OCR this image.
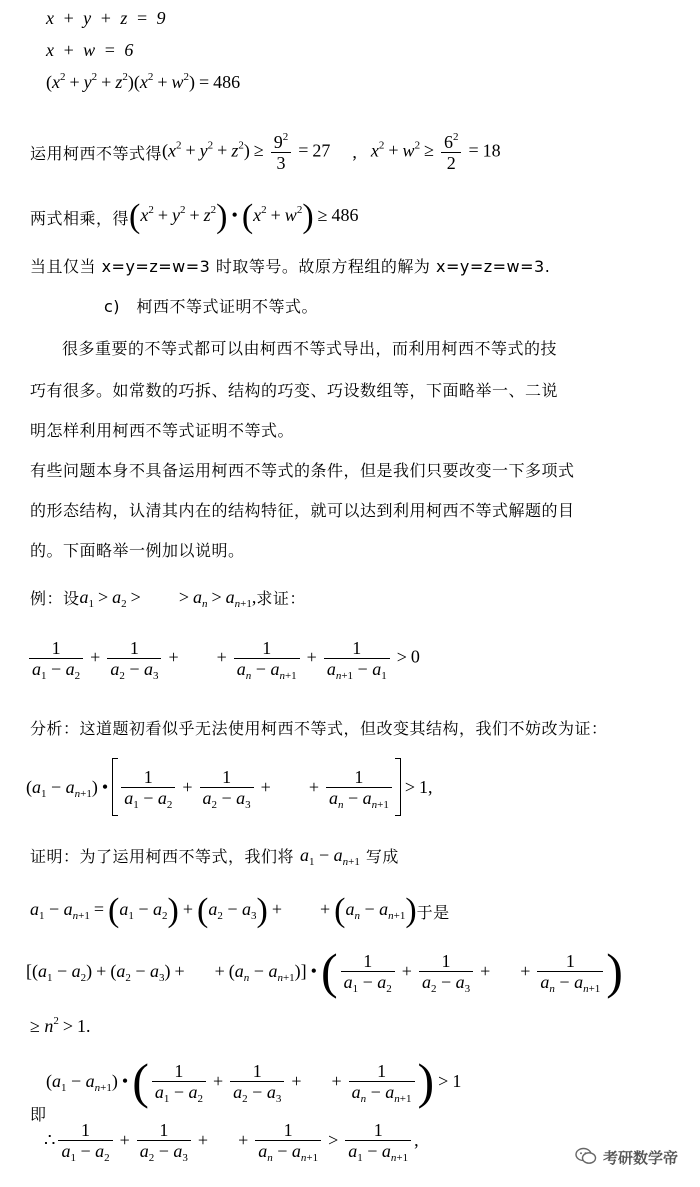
x + y + z = 9
x + w = 6
$(x^2 + y^2 + z^2)(x^2 + w^2) = 486$
运用柯西不等式得 $(x^2 + y^2 + z^2) \ge \frac{9^2}{3} = 27$ , $x^2 + w^2 \ge \frac{6^2}{2} = 18$
两式相乘，得 $(x^2 + y^2 + z^2)$ • $(x^2 + w^2) \ge 486$
当且仅当 x=y=z=w=3 时取等号。故原方程组的解为 x=y=z=w=3.
c)　柯西不等式证明不等式。
很多重要的不等式都可以由柯西不等式导出，而利用柯西不等式的技
巧有很多。如常数的巧拆、结构的巧变、巧设数组等，下面略举一、二说
明怎样利用柯西不等式证明不等式。
有些问题本身不具备运用柯西不等式的条件，但是我们只要改变一下多项式
的形态结构，认清其内在的结构特征，就可以达到利用柯西不等式解题的目
的。下面略举一例加以说明。
例：设 $a_1 > a_2$ > > $a_n > a_{n+1}$, 求证：
$\frac{1}{a_1 - a_2} + \frac{1}{a_2 - a_3}$ + + $\frac{1}{a_n - a_{n+1}} + \frac{1}{a_{n+1} - a_1} > 0$
分析：这道题初看似乎无法使用柯西不等式，但改变其结构，我们不妨改为证：
$(a_1 - a_{n+1})$ • $\frac{1}{a_1 - a_2} + \frac{1}{a_2 - a_3}$ + + $\frac{1}{a_n - a_{n+1}} > 1$,
证明：为了运用柯西不等式，我们将 $a_1 - a_{n+1}$ 写成
$a_1 - a_{n+1} = (a_1 - a_2) + (a_2 - a_3)$ + + $(a_n - a_{n+1})$ 于是
[$(a_1 - a_2) + (a_2 - a_3)$ + + $(a_n - a_{n+1})$] • ( $\frac{1}{a_1 - a_2} + \frac{1}{a_2 - a_3}$ + + $\frac{1}{a_n - a_{n+1}}$ )
≥ $n^2 > 1$.
$(a_1 - a_{n+1})$ • ( $\frac{1}{a_1 - a_2} + \frac{1}{a_2 - a_3}$ + + $\frac{1}{a_n - a_{n+1}}$ ) > 1
即
∴ $\frac{1}{a_1 - a_2} + \frac{1}{a_2 - a_3}$ + + $\frac{1}{a_n - a_{n+1}} > \frac{1}{a_1 - a_{n+1}}$ ,
考研数学帝
